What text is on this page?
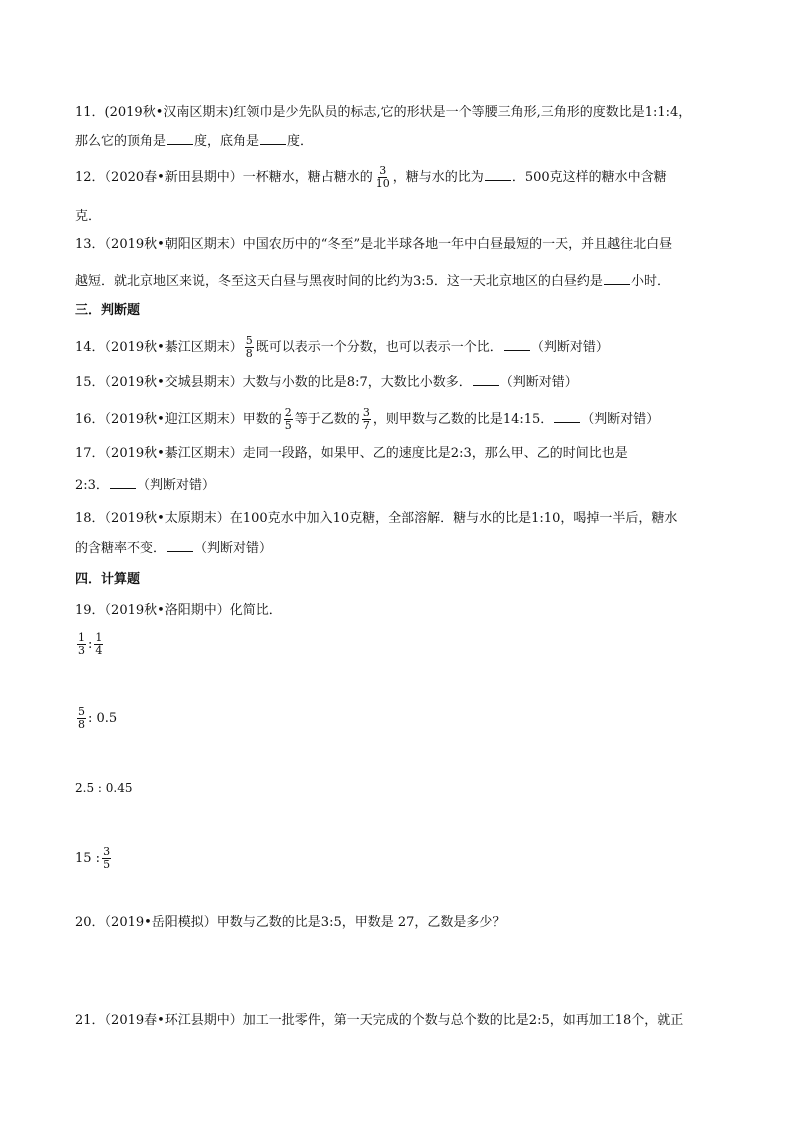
11．(2019秋•汉南区期末)红领巾是少先队员的标志,它的形状是一个等腰三角形,三角形的度数比是1:1:4，
那么它的顶角是 度，底角是 度．
12．（2020春•新田县期中）一杯糖水，糖占糖水的 $\frac{3}{10}$ ，糖与水的比为 ．500克这样的糖水中含糖
克．
13．（2019秋•朝阳区期末）中国农历中的“冬至”是北半球各地一年中白昼最短的一天，并且越往北白昼
越短．就北京地区来说，冬至这天白昼与黑夜时间的比约为3:5．这一天北京地区的白昼约是 小时．
三．判断题
14．（2019秋•綦江区期末） $\frac{5}{8}$ 既可以表示一个分数，也可以表示一个比． （判断对错）
15．（2019秋•交城县期末）大数与小数的比是8:7，大数比小数多． （判断对错）
16．（2019秋•迎江区期末）甲数的 $\frac{2}{5}$ 等于乙数的 $\frac{3}{7}$ ，则甲数与乙数的比是14:15． （判断对错）
17．（2019秋•綦江区期末）走同一段路，如果甲、乙的速度比是2:3，那么甲、乙的时间比也是
2:3． （判断对错）
18．（2019秋•太原期末）在100克水中加入10克糖，全部溶解．糖与水的比是1:10，喝掉一半后，糖水
的含糖率不变． （判断对错）
四．计算题
19．（2019秋•洛阳期中）化简比．
$\frac{1}{3}$ : $\frac{1}{4}$
$\frac{5}{8}$ : 0.5
2.5 : 0.45
15 : $\frac{3}{5}$
20．（2019•岳阳模拟）甲数与乙数的比是3:5，甲数是 27，乙数是多少？
21．（2019春•环江县期中）加工一批零件，第一天完成的个数与总个数的比是2:5，如再加工18个，就正
